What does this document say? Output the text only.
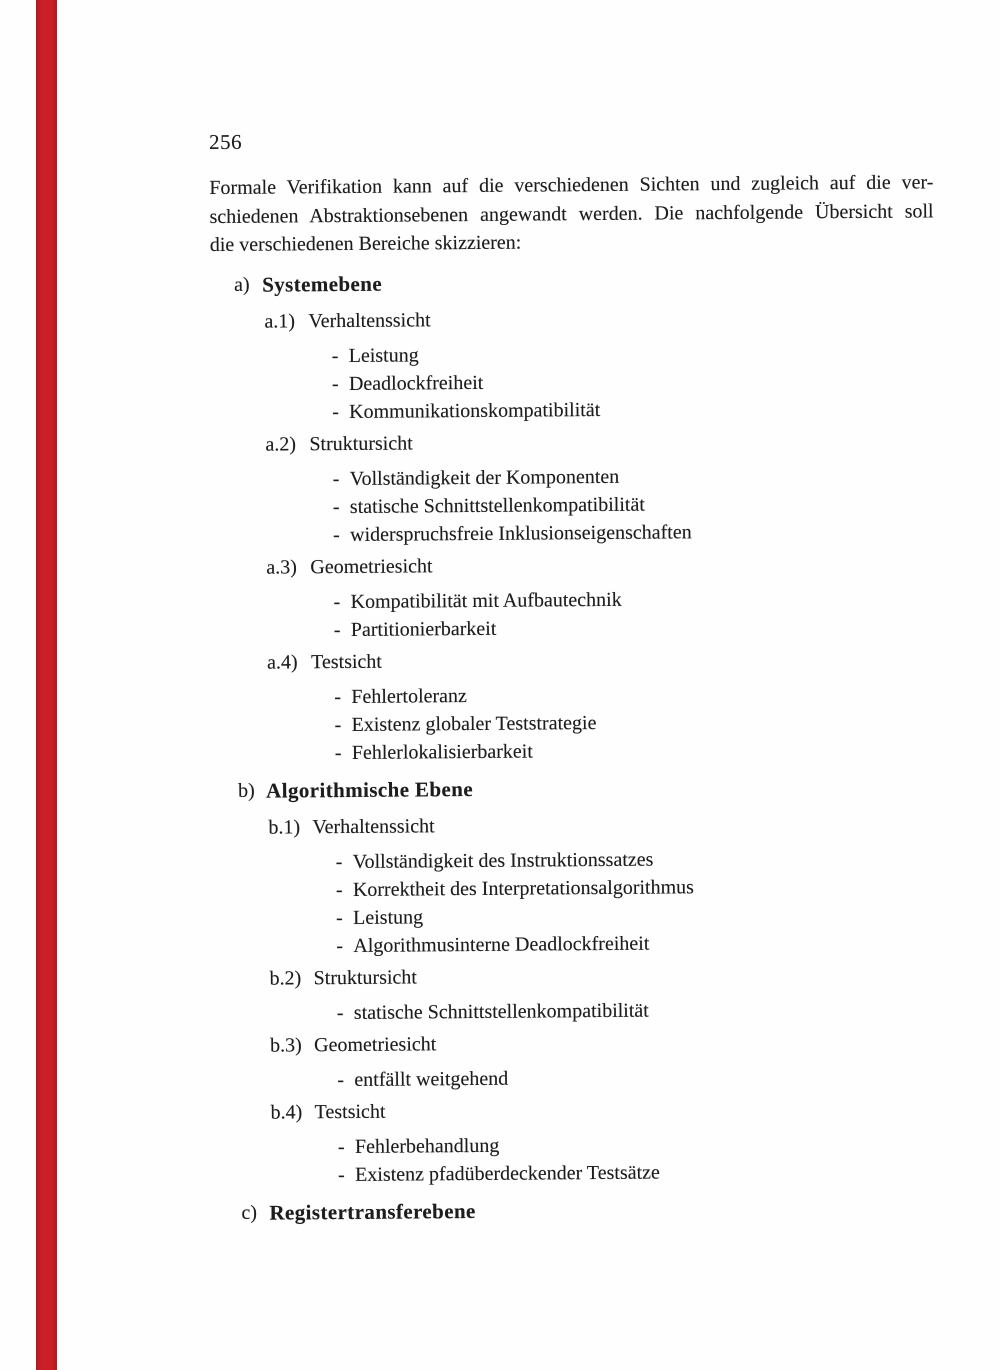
256
Formale Verifikation kann auf die verschiedenen Sichten und zugleich auf die ver-
schiedenen Abstraktionsebenen angewandt werden. Die nachfolgende Übersicht soll
die verschiedenen Bereiche skizzieren:
a) Systemebene
a.1) Verhaltenssicht
- Leistung
- Deadlockfreiheit
- Kommunikationskompatibilität
a.2) Struktursicht
- Vollständigkeit der Komponenten
- statische Schnittstellenkompatibilität
- widerspruchsfreie Inklusionseigenschaften
a.3) Geometriesicht
- Kompatibilität mit Aufbautechnik
- Partitionierbarkeit
a.4) Testsicht
- Fehlertoleranz
- Existenz globaler Teststrategie
- Fehlerlokalisierbarkeit
b) Algorithmische Ebene
b.1) Verhaltenssicht
- Vollständigkeit des Instruktionssatzes
- Korrektheit des Interpretationsalgorithmus
- Leistung
- Algorithmusinterne Deadlockfreiheit
b.2) Struktursicht
- statische Schnittstellenkompatibilität
b.3) Geometriesicht
- entfällt weitgehend
b.4) Testsicht
- Fehlerbehandlung
- Existenz pfadüberdeckender Testsätze
c) Registertransferebene
